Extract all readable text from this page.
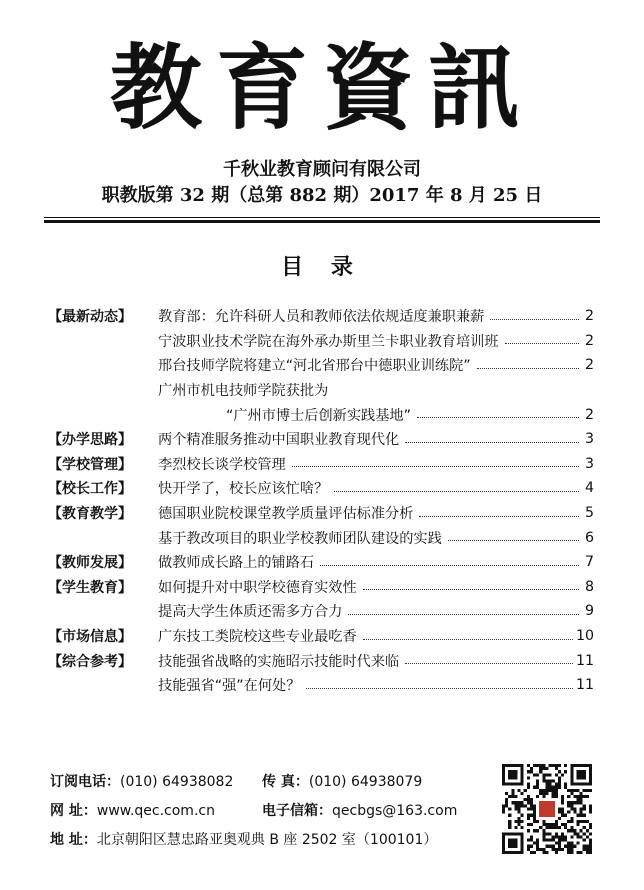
教育資訊
千秋业教育顾问有限公司
职教版第 32 期（总第 882 期）2017 年 8 月 25 日
目 录
【最新动态】	教育部：允许科研人员和教师依法依规适度兼职兼薪	2
宁波职业技术学院在海外承办斯里兰卡职业教育培训班	2
邢台技师学院将建立“河北省邢台中德职业训练院”	2
广州市机电技师学院获批为
“广州市博士后创新实践基地”	2
【办学思路】	两个精准服务推动中国职业教育现代化	3
【学校管理】	李烈校长谈学校管理	3
【校长工作】	快开学了，校长应该忙啥？	4
【教育教学】	德国职业院校课堂教学质量评估标准分析	5
基于教改项目的职业学校教师团队建设的实践	6
【教师发展】	做教师成长路上的铺路石	7
【学生教育】	如何提升对中职学校德育实效性	8
提高大学生体质还需多方合力	9
【市场信息】	广东技工类院校这些专业最吃香	10
【综合参考】	技能强省战略的实施昭示技能时代来临	11
技能强省“强”在何处？	11
订阅电话：(010) 64938082 传 真：(010) 64938079
网 址：www.qec.com.cn	电子信箱：qecbgs@163.com
地 址：北京朝阳区慧忠路亚奥观典 B 座 2502 室（100101）
